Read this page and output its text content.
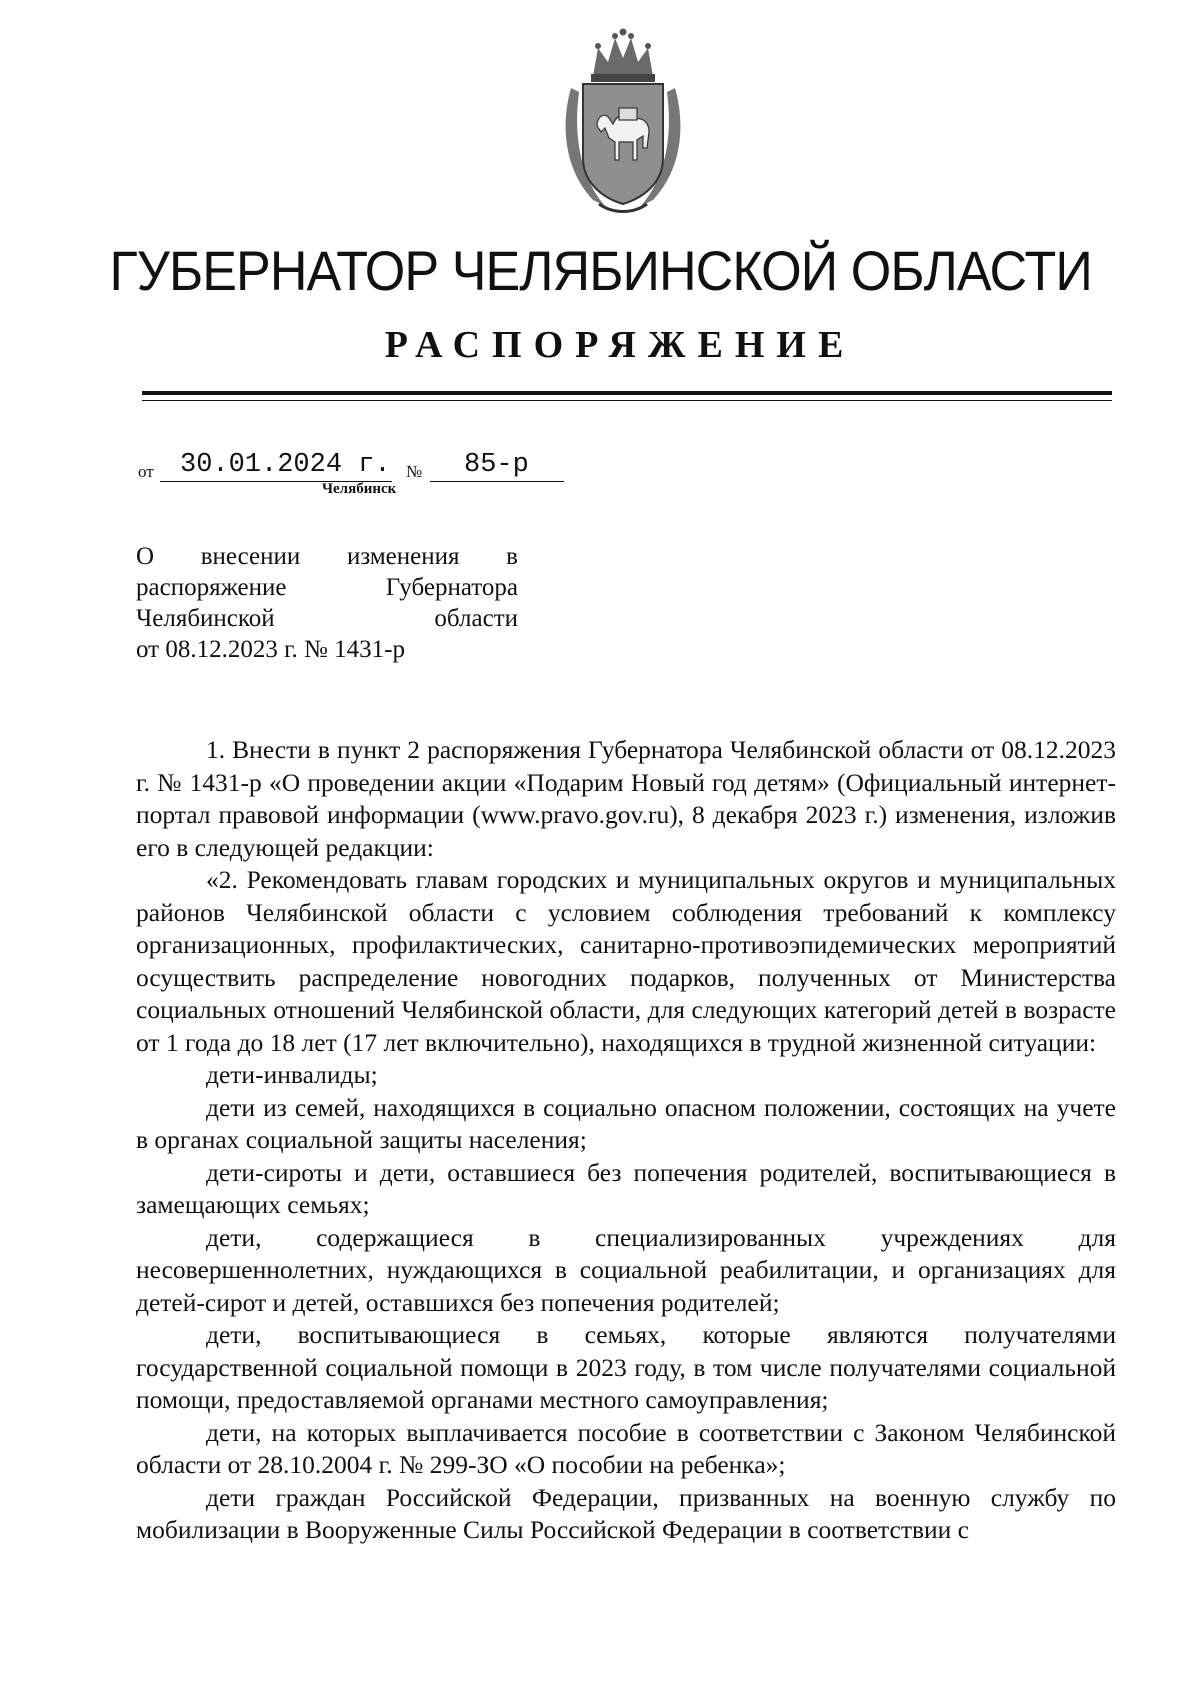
ГУБЕРНАТОР ЧЕЛЯБИНСКОЙ ОБЛАСТИ
РАСПОРЯЖЕНИЕ
от 30.01.2024 г. № 85-р
Челябинск
О внесении изменения в
распоряжение Губернатора
Челябинской области
от 08.12.2023 г. № 1431-р

1. Внести в пункт 2 распоряжения Губернатора Челябинской области от 08.12.2023 г. № 1431-р «О проведении акции «Подарим Новый год детям» (Официальный интернет-портал правовой информации (www.pravo.gov.ru), 8 декабря 2023 г.) изменения, изложив его в следующей редакции:

«2. Рекомендовать главам городских и муниципальных округов и муниципальных районов Челябинской области с условием соблюдения требований к комплексу организационных, профилактических, санитарно-противоэпидемических мероприятий осуществить распределение новогодних подарков, полученных от Министерства социальных отношений Челябинской области, для следующих категорий детей в возрасте от 1 года до 18 лет (17 лет включительно), находящихся в трудной жизненной ситуации:

дети-инвалиды;

дети из семей, находящихся в социально опасном положении, состоящих на учете в органах социальной защиты населения;

дети-сироты и дети, оставшиеся без попечения родителей, воспитывающиеся в замещающих семьях;

дети, содержащиеся в специализированных учреждениях для несовершеннолетних, нуждающихся в социальной реабилитации, и организациях для детей-сирот и детей, оставшихся без попечения родителей;

дети, воспитывающиеся в семьях, которые являются получателями государственной социальной помощи в 2023 году, в том числе получателями социальной помощи, предоставляемой органами местного самоуправления;

дети, на которых выплачивается пособие в соответствии с Законом Челябинской области от 28.10.2004 г. № 299-ЗО «О пособии на ребенка»;

дети граждан Российской Федерации, призванных на военную службу по мобилизации в Вооруженные Силы Российской Федерации в соответствии с
